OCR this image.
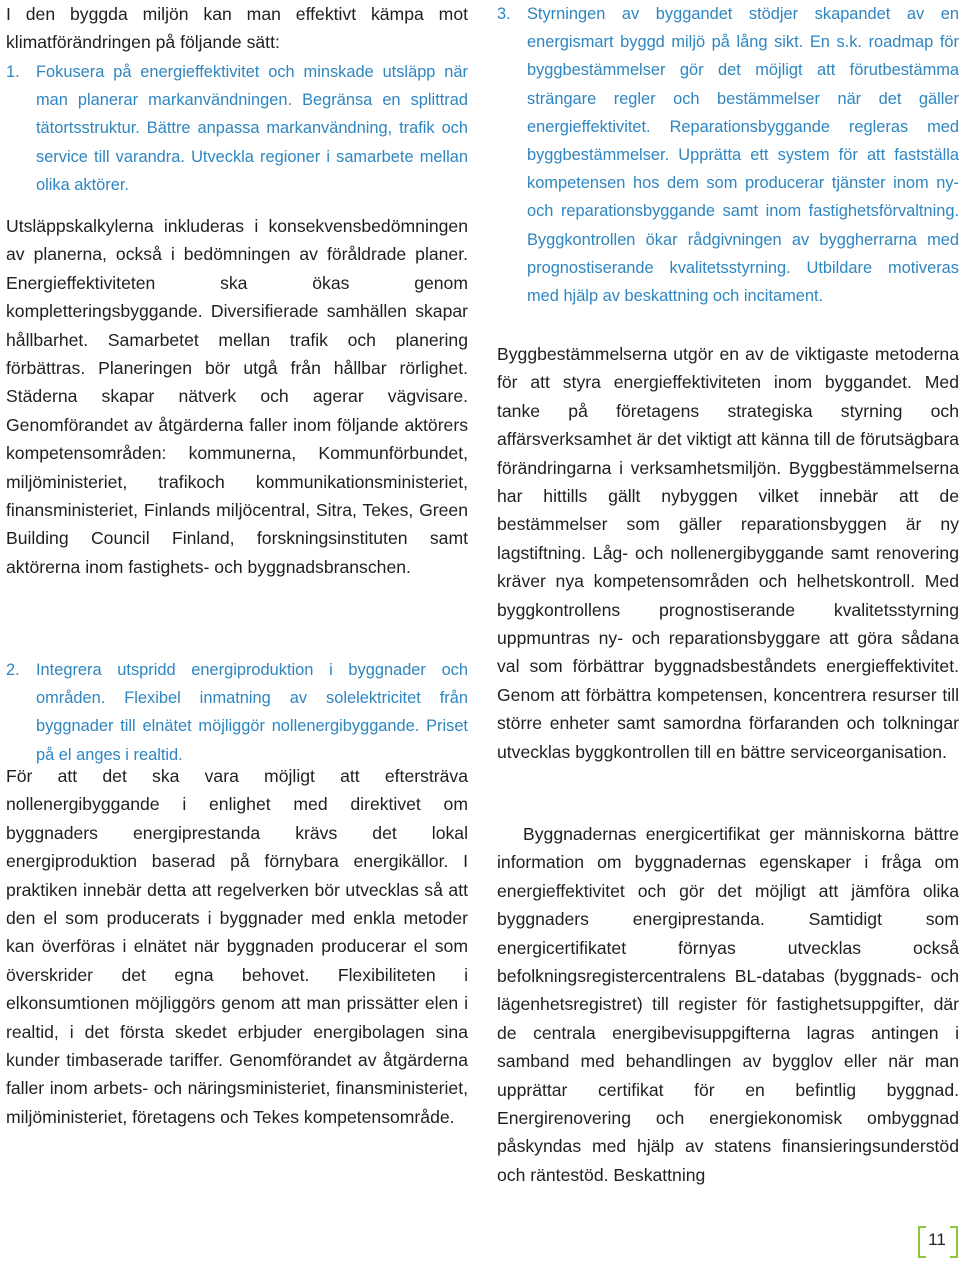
I den byggda miljön kan man effektivt kämpa mot klimatförändringen på följande sätt:

1. Fokusera på energieffektivitet och minskade utsläpp när man planerar markanvändningen. Begränsa en splittrad tätortsstruktur. Bättre anpassa markanvändning, trafik och service till varandra. Utveckla regioner i samarbete mellan olika aktörer.

Utsläppskalkylerna inkluderas i konsekvensbedömningen av planerna, också i bedömningen av föråldrade planer. Energieffektiviteten ska ökas genom kompletteringsbyggande. Diversifierade samhällen skapar hållbarhet. Samarbetet mellan trafik och planering förbättras. Planeringen bör utgå från hållbar rörlighet. Städerna skapar nätverk och agerar vägvisare. Genomförandet av åtgärderna faller inom följande aktörers kompetensområden: kommunerna, Kommunförbundet, miljöministeriet, trafikoch kommunikationsministeriet, finansministeriet, Finlands miljöcentral, Sitra, Tekes, Green Building Council Finland, forskningsinstituten samt aktörerna inom fastighets- och byggnadsbranschen.

2. Integrera utspridd energiproduktion i byggnader och områden. Flexibel inmatning av solelektricitet från byggnader till elnätet möjliggör nollenergibyggande. Priset på el anges i realtid.

För att det ska vara möjligt att eftersträva nollenergibyggande i enlighet med direktivet om byggnaders energiprestanda krävs det lokal energiproduktion baserad på förnybara energikällor. I praktiken innebär detta att regelverken bör utvecklas så att den el som producerats i byggnader med enkla metoder kan överföras i elnätet när byggnaden producerar el som överskrider det egna behovet. Flexibiliteten i elkonsumtionen möjliggörs genom att man prissätter elen i realtid, i det första skedet erbjuder energibolagen sina kunder timbaserade tariffer. Genomförandet av åtgärderna faller inom arbets- och näringsministeriet, finansministeriet, miljöministeriet, företagens och Tekes kompetensområde.

3. Styrningen av byggandet stödjer skapandet av en energismart byggd miljö på lång sikt. En s.k. roadmap för byggbestämmelser gör det möjligt att förutbestämma strängare regler och bestämmelser när det gäller energieffektivitet. Reparationsbyggande regleras med byggbestämmelser. Upprätta ett system för att fastställa kompetensen hos dem som producerar tjänster inom ny- och reparationsbyggande samt inom fastighetsförvaltning. Byggkontrollen ökar rådgivningen av byggherrarna med prognostiserande kvalitetsstyrning. Utbildare motiveras med hjälp av beskattning och incitament.

Byggbestämmelserna utgör en av de viktigaste metoderna för att styra energieffektiviteten inom byggandet. Med tanke på företagens strategiska styrning och affärsverksamhet är det viktigt att känna till de förutsägbara förändringarna i verksamhetsmiljön. Byggbestämmelserna har hittills gällt nybyggen vilket innebär att de bestämmelser som gäller reparationsbyggen är ny lagstiftning. Låg- och nollenergibyggande samt renovering kräver nya kompetensområden och helhetskontroll. Med byggkontrollens prognostiserande kvalitetsstyrning uppmuntras ny- och reparationsbyggare att göra sådana val som förbättrar byggnadsbeståndets energieffektivitet. Genom att förbättra kompetensen, koncentrera resurser till större enheter samt samordna förfaranden och tolkningar utvecklas byggkontrollen till en bättre serviceorganisation.

Byggnadernas energicertifikat ger människorna bättre information om byggnadernas egenskaper i fråga om energieffektivitet och gör det möjligt att jämföra olika byggnaders energiprestanda. Samtidigt som energicertifikatet förnyas utvecklas också befolkningsregistercentralens BL-databas (byggnads- och lägenhetsregistret) till register för fastighetsuppgifter, där de centrala energibevisuppgifterna lagras antingen i samband med behandlingen av bygglov eller när man upprättar certifikat för en befintlig byggnad. Energirenovering och energiekonomisk ombyggnad påskyndas med hjälp av statens finansieringsunderstöd och räntestöd. Beskattning

11
